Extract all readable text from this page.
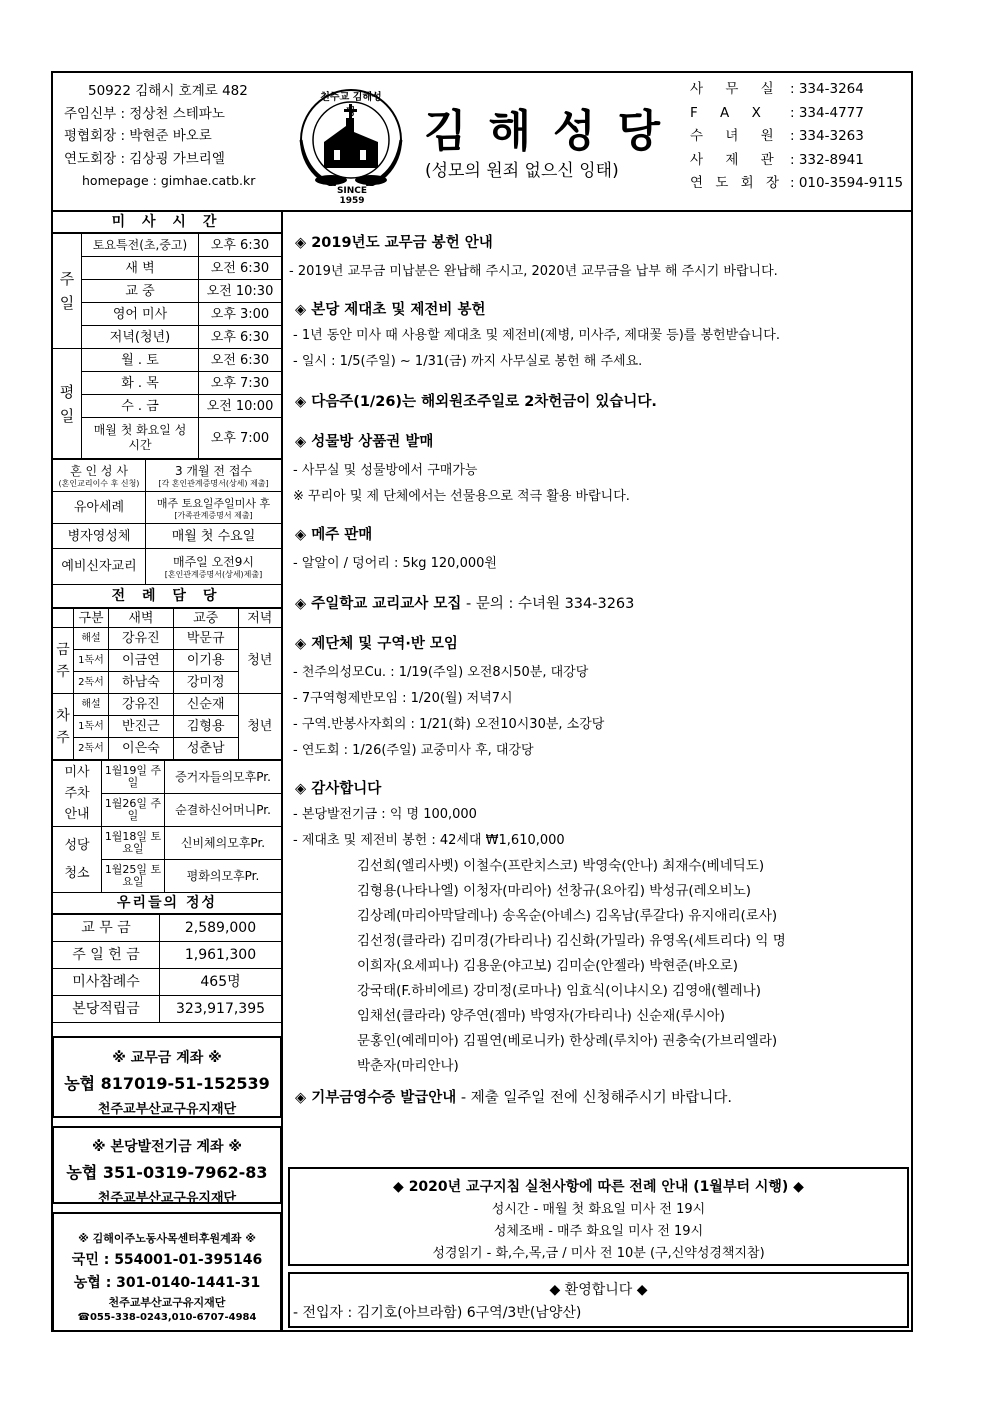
50922 김해시 호계로 482
주임신부 : 정상천 스테파노
평협회장 : 박현준 바오로
연도회장 : 김상굉 가브리엘
homepage : gimhae.catb.kr
천주교 김해성당
SINCE 1959
김해성당
(성모의 원죄 없으신 잉태)
사 무 실 : 334-3264
F A X : 334-4777
수 녀 원 : 334-3263
사 제 관 : 332-8941
연 도 회 장 : 010-3594-9115
미 사 시 간
주
일	토요특전(초,중고)	오후 6:30
	새 벽	오전 6:30
	교 중	오전 10:30
	영어 미사	오후 3:00
	저녁(청년)	오후 6:30
평
일	월 . 토	오전 6:30
	화 . 목	오후 7:30
	수 . 금	오전 10:00
	매월 첫 화요일 성시간	오후 7:00
혼 인 성 사
(혼인교리이수 후 신청)	3 개월 전 접수
[각 혼인관계증명서(상세) 제출]

유아세례	매주 토요일주일미사 후
[가족관계증명서 제출]

병자영성체	매월 첫 수요일
예비신자교리	매주일 오전9시
[혼인관계증명서(상세)제출]
전 례 담 당
	구분	새벽	교중	저녁
금
주	해설	강유진	박문규	청년
	1독서	이금연	이기용	
	2독서	하남숙	강미정	
차
주	해설	강유진	신순재	청년
	1독서	반진근	김형용	
	2독서	이은숙	성춘남	
미사
주차
안내	1월19일 주일	증거자들의모후Pr.
	1월26일 주일	순결하신어머니Pr.
성당
청소	1월18일 토요일	신비체의모후Pr.
	1월25일 토요일	평화의모후Pr.
우리들의 정성
교 무 금	2,589,000
주 일 헌 금	1,961,300
미사참례수	465명
본당적립금	323,917,395
※ 교무금 계좌 ※
농협 817019-51-152539
천주교부산교구유지재단
※ 본당발전기금 계좌 ※
농협 351-0319-7962-83
천주교부산교구유지재단
※ 김해이주노동사목센터후원계좌 ※
국민 : 554001-01-395146
농협 : 301-0140-1441-31
천주교부산교구유지재단
☎055-338-0243,010-6707-4984
◈ 2019년도 교무금 봉헌 안내
- 2019년 교무금 미납분은 완납해 주시고, 2020년 교무금을 납부 해 주시기 바랍니다.
◈ 본당 제대초 및 제전비 봉헌
- 1년 동안 미사 때 사용할 제대초 및 제전비(제병, 미사주, 제대꽃 등)를 봉헌받습니다.
- 일시 : 1/5(주일) ~ 1/31(금) 까지 사무실로 봉헌 해 주세요.
◈ 다음주(1/26)는 해외원조주일로 2차헌금이 있습니다.
◈ 성물방 상품권 발매
- 사무실 및 성물방에서 구매가능
※ 꾸리아 및 제 단체에서는 선물용으로 적극 활용 바랍니다.
◈ 메주 판매
- 알알이 / 덩어리 : 5kg 120,000원
◈ 주일학교 교리교사 모집 - 문의 : 수녀원 334-3263
◈ 제단체 및 구역·반 모임
- 천주의성모Cu. : 1/19(주일) 오전8시50분, 대강당
- 7구역형제반모임 : 1/20(월) 저녁7시
- 구역.반봉사자회의 : 1/21(화) 오전10시30분, 소강당
- 연도회 : 1/26(주일) 교중미사 후, 대강당
◈ 감사합니다
- 본당발전기금 : 익 명 100,000
- 제대초 및 제전비 봉헌 : 42세대 ₩1,610,000
김선희(엘리사벳) 이철수(프란치스코) 박영숙(안나) 최재수(베네딕도)
김형용(나타나엘) 이청자(마리아) 선창규(요아킴) 박성규(레오비노)
김상례(마리아막달레나) 송옥순(아녜스) 김옥남(루갈다) 유지애리(로사)
김선정(클라라) 김미경(가타리나) 김신화(가밀라) 유영옥(세트리다) 익 명
이희자(요세피나) 김용운(야고보) 김미순(안젤라) 박현준(바오로)
강국태(F.하비에르) 강미정(로마나) 임효식(이냐시오) 김영애(헬레나)
임채선(클라라) 양주연(젬마) 박영자(가타리나) 신순재(루시아)
문홍인(예레미아) 김필연(베로니카) 한상례(루치아) 권충숙(가브리엘라)
박춘자(마리안나)
◈ 기부금영수증 발급안내 - 제출 일주일 전에 신청해주시기 바랍니다.
◆ 2020년 교구지침 실천사항에 따른 전례 안내 (1월부터 시행) ◆
성시간 - 매월 첫 화요일 미사 전 19시
성체조배 - 매주 화요일 미사 전 19시
성경읽기 - 화,수,목,금 / 미사 전 10분 (구,신약성경책지참)
◆ 환영합니다 ◆
- 전입자 : 김기호(아브라함) 6구역/3반(남양산)
